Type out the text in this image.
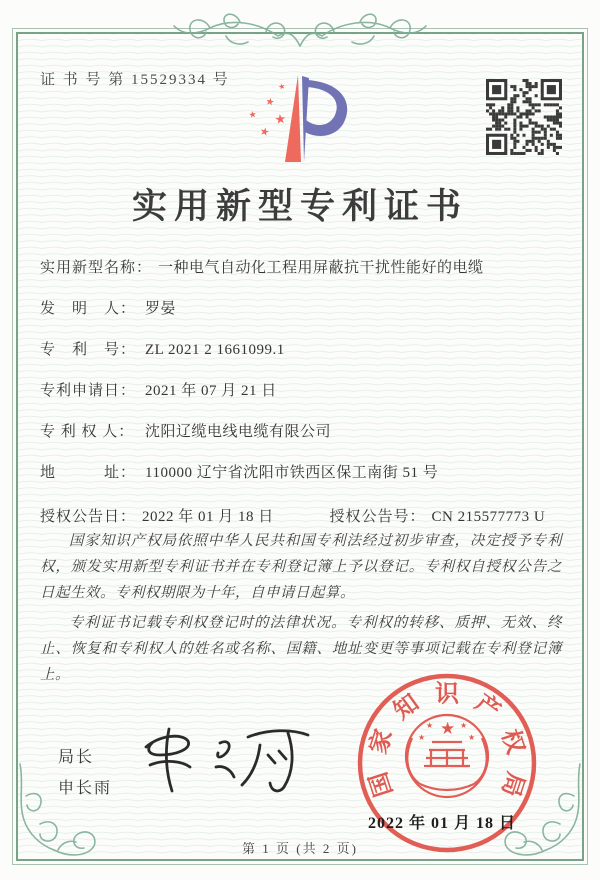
证 书 号 第 15529334 号	★
★
★
★
★
实用新型专利证书
实用新型名称： 一种电气自动化工程用屏蔽抗干扰性能好的电缆
发　明　人： 罗晏
专　利　号： ZL 2021 2 1661099.1
专利申请日： 2021 年 07 月 21 日
专 利 权 人： 沈阳辽缆电线电缆有限公司
地　　　址： 110000 辽宁省沈阳市铁西区保工南街 51 号
授权公告日： 2022 年 01 月 18 日	授权公告号： CN 215577773 U

国家知识产权局依照中华人民共和国专利法经过初步审查，决定授予专利权，颁发实用新型专利证书并在专利登记簿上予以登记。专利权自授权公告之日起生效。专利权期限为十年，自申请日起算。

专利证书记载专利权登记时的法律状况。专利权的转移、质押、无效、终止、恢复和专利权人的姓名或名称、国籍、地址变更等事项记载在专利登记簿上。

局长
申长雨	国
家
知 识 产
权
局
★
★	★
★	★
2022 年 01 月 18 日
第 1 页 (共 2 页)
